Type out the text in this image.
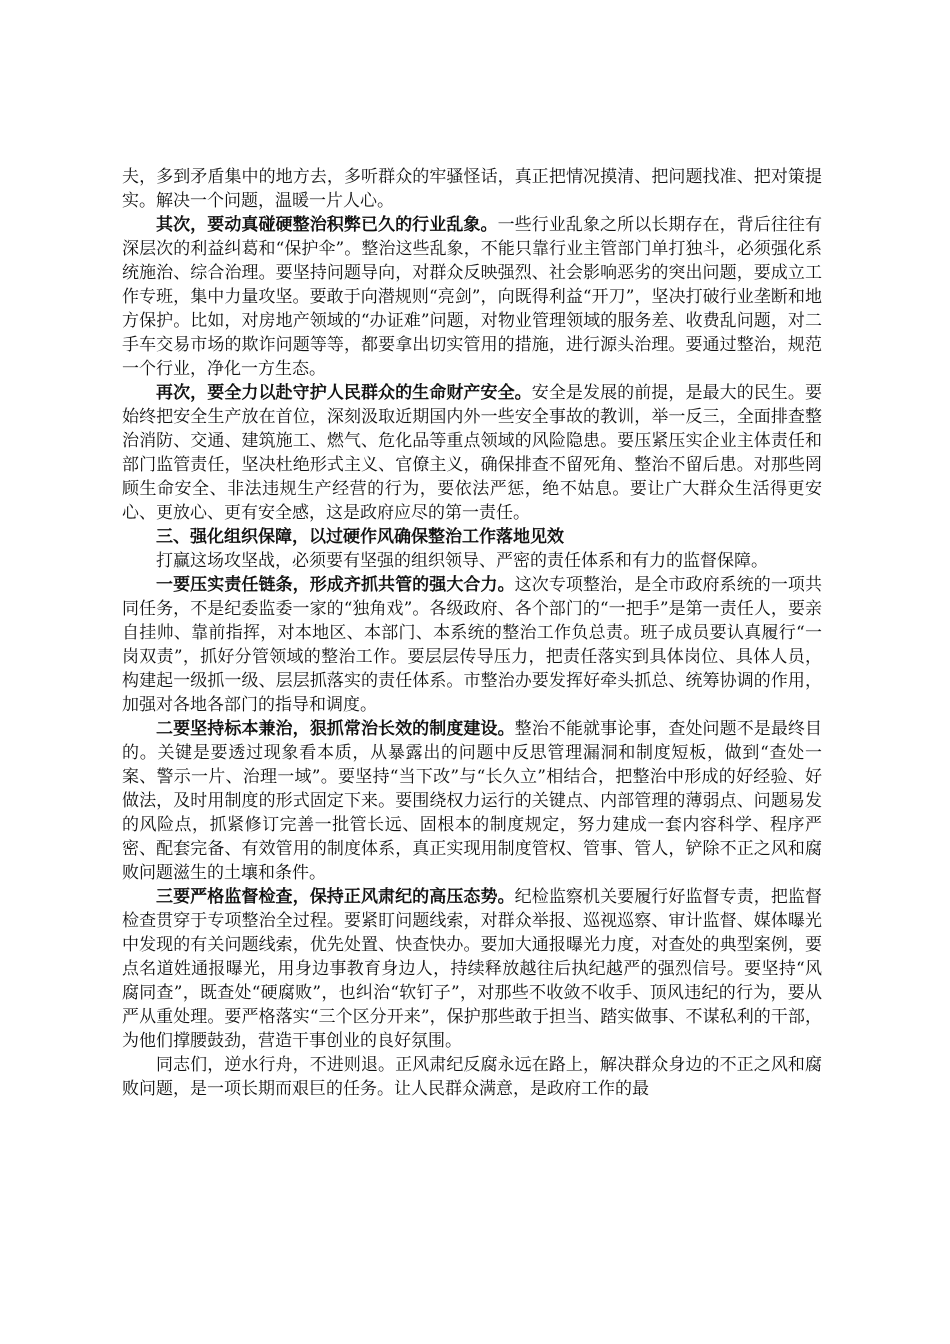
夫，多到矛盾集中的地方去，多听群众的牢骚怪话，真正把情况摸清、把问题找准、把对策提实。解决一个问题，温暖一片人心。

其次，要动真碰硬整治积弊已久的行业乱象。一些行业乱象之所以长期存在，背后往往有深层次的利益纠葛和“保护伞”。整治这些乱象，不能只靠行业主管部门单打独斗，必须强化系统施治、综合治理。要坚持问题导向，对群众反映强烈、社会影响恶劣的突出问题，要成立工作专班，集中力量攻坚。要敢于向潜规则“亮剑”，向既得利益“开刀”，坚决打破行业垄断和地方保护。比如，对房地产领域的“办证难”问题，对物业管理领域的服务差、收费乱问题，对二手车交易市场的欺诈问题等等，都要拿出切实管用的措施，进行源头治理。要通过整治，规范一个行业，净化一方生态。

再次，要全力以赴守护人民群众的生命财产安全。安全是发展的前提，是最大的民生。要始终把安全生产放在首位，深刻汲取近期国内外一些安全事故的教训，举一反三，全面排查整治消防、交通、建筑施工、燃气、危化品等重点领域的风险隐患。要压紧压实企业主体责任和部门监管责任，坚决杜绝形式主义、官僚主义，确保排查不留死角、整治不留后患。对那些罔顾生命安全、非法违规生产经营的行为，要依法严惩，绝不姑息。要让广大群众生活得更安心、更放心、更有安全感，这是政府应尽的第一责任。

三、强化组织保障，以过硬作风确保整治工作落地见效

打赢这场攻坚战，必须要有坚强的组织领导、严密的责任体系和有力的监督保障。

一要压实责任链条，形成齐抓共管的强大合力。这次专项整治，是全市政府系统的一项共同任务，不是纪委监委一家的“独角戏”。各级政府、各个部门的“一把手”是第一责任人，要亲自挂帅、靠前指挥，对本地区、本部门、本系统的整治工作负总责。班子成员要认真履行“一岗双责”，抓好分管领域的整治工作。要层层传导压力，把责任落实到具体岗位、具体人员，构建起一级抓一级、层层抓落实的责任体系。市整治办要发挥好牵头抓总、统筹协调的作用，加强对各地各部门的指导和调度。

二要坚持标本兼治，狠抓常治长效的制度建设。整治不能就事论事，查处问题不是最终目的。关键是要透过现象看本质，从暴露出的问题中反思管理漏洞和制度短板，做到“查处一案、警示一片、治理一域”。要坚持“当下改”与“长久立”相结合，把整治中形成的好经验、好做法，及时用制度的形式固定下来。要围绕权力运行的关键点、内部管理的薄弱点、问题易发的风险点，抓紧修订完善一批管长远、固根本的制度规定，努力建成一套内容科学、程序严密、配套完备、有效管用的制度体系，真正实现用制度管权、管事、管人，铲除不正之风和腐败问题滋生的土壤和条件。

三要严格监督检查，保持正风肃纪的高压态势。纪检监察机关要履行好监督专责，把监督检查贯穿于专项整治全过程。要紧盯问题线索，对群众举报、巡视巡察、审计监督、媒体曝光中发现的有关问题线索，优先处置、快查快办。要加大通报曝光力度，对查处的典型案例，要点名道姓通报曝光，用身边事教育身边人，持续释放越往后执纪越严的强烈信号。要坚持“风腐同查”，既查处“硬腐败”，也纠治“软钉子”，对那些不收敛不收手、顶风违纪的行为，要从严从重处理。要严格落实“三个区分开来”，保护那些敢于担当、踏实做事、不谋私利的干部，为他们撑腰鼓劲，营造干事创业的良好氛围。

同志们，逆水行舟，不进则退。正风肃纪反腐永远在路上，解决群众身边的不正之风和腐败问题，是一项长期而艰巨的任务。让人民群众满意，是政府工作的最
